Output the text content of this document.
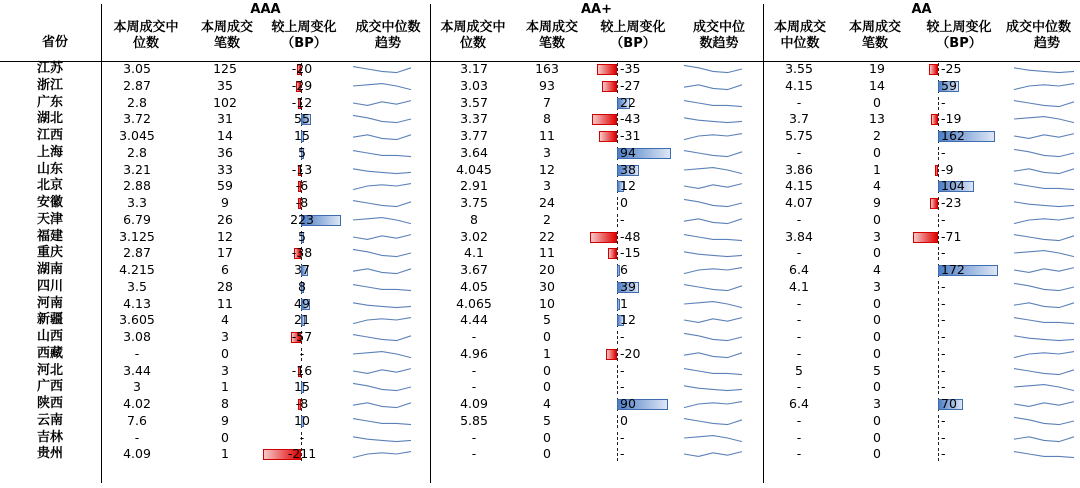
AAA	AA+	AA
省份
本周成交中
位数
本周成交
笔数
较上周变化
（BP）
成交中位数
趋势
本周成交中
位数
本周成交
笔数
较上周变化
（BP）
成交中位
数趋势
本周成交
中位数
本周成交
笔数
较上周变化
（BP）
成交中位数
趋势
江苏	3.05	125	-20	3.17	163	-35	3.55	19	-25
浙江	2.87	35	-29	3.03	93	-27	4.15	14	59
广东	2.8	102	-12	3.57	7	22	-	0	-
湖北	3.72	31	55	3.37	8	-43	3.7	13	-19
江西	3.045	14	15	3.77	11	-31	5.75	2	162
上海	2.8	36	5	3.64	3	94	-	0	-
山东	3.21	33	-13	4.045	12	38	3.86	1	-9
北京	2.88	59	-6	2.91	3	12	4.15	4	104
安徽	3.3	9	-8	3.75	24	0	4.07	9	-23
天津	6.79	26	223	8	2	-	-	0	-
福建	3.125	12	5	3.02	22	-48	3.84	3	-71
重庆	2.87	17	-38	4.1	11	-15	-	0	-
湖南	4.215	6	37	3.67	20	6	6.4	4	172
四川	3.5	28	8	4.05	30	39	4.1	3	-
河南	4.13	11	49	4.065	10	1	-	0	-
新疆	3.605	4	21	4.44	5	12	-	0	-
山西	3.08	3	-57	-	0	-	-	0	-
西藏	-	0	-	4.96	1	-20	-	0	-
河北	3.44	3	-16	-	0	-	5	5	-
广西	3	1	15	-	0	-	-	0	-
陕西	4.02	8	-8	4.09	4	90	6.4	3	70
云南	7.6	9	10	5.85	5	0	-	0	-
吉林	-	0	-	-	0	-	-	0	-
贵州	4.09	1	-211	-	0	-	-	0	-
